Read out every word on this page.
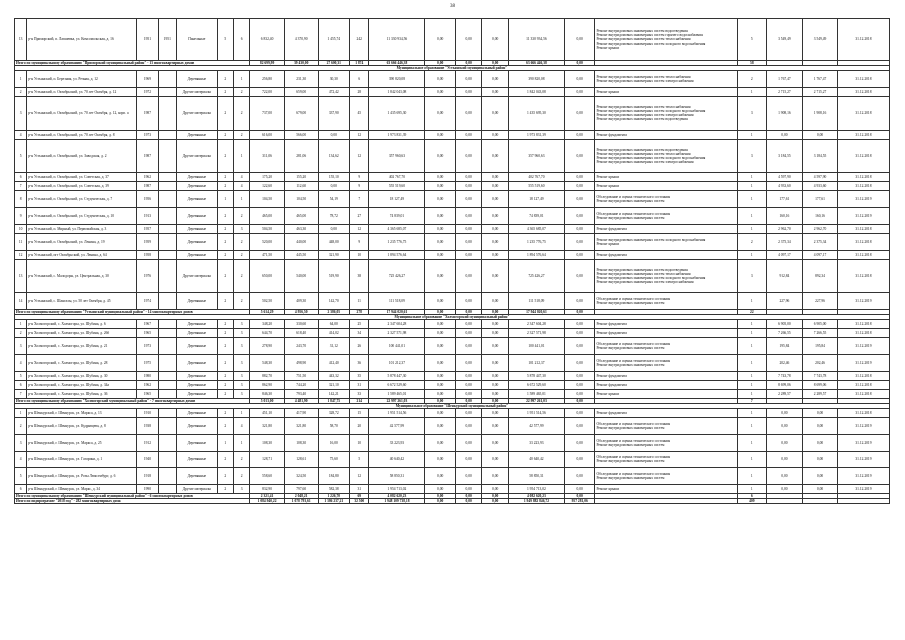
38
13	р-н Приморский, п. Лапшевка, ул. Комсомольская, д. 16	1951	1951	Панельные	5	6	6 832,40	4 370,90	1 455,74	242	11 330 934,56	0,00	0,00	0,00	11 330 934,56	0,00	Ремонт внутридомовых инженерных систем водоотведения
Ремонт внутридомовых инженерных систем горячего водоснабжения
Ремонт внутридомовых инженерных систем теплоснабжения
Ремонт внутридомовых инженерных систем холодного водоснабжения
Ремонт крыши	5	3 549,49	3 549,49	31.12.2018
Итого по муниципальному образованию "Приморский муниципальный район" - 13 многоквартирных домов							82 699,99	39 430,00	27 600,31	1 874	63 666 446,38	0,00	0,00	0,00	63 666 446,38	0,00		58			
Муниципальное образование "Устьянский муниципальный район"																					
1	р-н Устьянский, п. Березник, ул. Речная, д. 12	1969		Деревянные	2	1	256,80	231,30	30,30	6	390 820,08	0,00	0,00	0,00	390 820,08	0,00	Ремонт внутридомовых инженерных систем теплоснабжения
Ремонт внутридомовых инженерных систем электроснабжения	2	1 767,47	1 767,47	31.12.2018
2	р-н Устьянский, п. Октябрьский, ул. 70 лет Октября, д. 12	1972		Другие материалы	2	2	722,00	659,00	472,42	28	1 842 043,08	0,00	0,00	0,00	1 842 043,08	0,00	Ремонт крыши	1	2 715,27	2 715,27	31.12.2018
3	р-н Устьянский, п. Октябрьский, ул. 70 лет Октября, д. 12, корп. а	1987		Другие материалы	2	2	737,00	679,00	337,90	45	1 435 695,30	0,00	0,00	0,00	1 435 695,30	0,00	Ремонт внутридомовых инженерных систем теплоснабжения
Ремонт внутридомовых инженерных систем холодного водоснабжения
Ремонт внутридомовых инженерных систем электроснабжения
Ремонт внутридомовых инженерных систем водоотведения	3	1 908,16	1 908,16	31.12.2018
4	р-н Устьянский, п. Октябрьский, ул. 70 лет Октября, д. 8	1973		Деревянные	2	2	616,00	566,00	0,00	12	1 973 831,39	0,00	0,00	0,00	1 973 831,39	0,00	Ремонт фундамента	1	0,00	0,00	31.12.2018
5	р-н Устьянский, п. Октябрьский, ул. Заводская, д. 2	1987		Другие материалы	2	1	311,06	281,06	134,62	12	357 960,63	0,00	0,00	0,00	357 960,63	0,00	Ремонт внутридомовых инженерных систем водоотведения
Ремонт внутридомовых инженерных систем теплоснабжения
Ремонт внутридомовых инженерных систем холодного водоснабжения
Ремонт внутридомовых инженерных систем электроснабжения	3	3 184,55	3 184,55	31.12.2018
6	р-н Устьянский, п. Октябрьский, ул. Советская, д. 37	1962		Деревянные	2	4	175,20	155,20	155,10	9	402 767,70	0,00	0,00	0,00	402 767,70	0,00	Ремонт крыши	1	4 597,90	4 597,90	31.12.2018
7	р-н Устьянский, п. Октябрьский, ул. Советская, д. 39	1987		Деревянные	2	4	122,60	112,60	0,00	9	555 519,60	0,00	0,00	0,00	555 519,60	0,00	Ремонт крыши	1	4 933,60	4 933,60	31.12.2018
8	р-н Устьянский, п. Октябрьский, ул. Студенческая, д. 7	1956		Деревянные	1	1	104,50	104,50	54,19	7	18 127,49	0,00	0,00	0,00	18 127,49	0,00	Обследование и оценка технического состояния
Ремонт внутридомовых инженерных систем	1	177,61	177,61	31.12.2019
9	р-н Устьянский, п. Октябрьский, ул. Студенческая, д. 10	1913		Деревянные	2	2	465,00	465,00	78,72	27	74 839,01	0,00	0,00	0,00	74 839,01	0,00	Обследование и оценка технического состояния
Ремонт внутридомовых инженерных систем	1	160,16	160,16	31.12.2019
10	р-н Устьянский, п. Мирный, ул. Первомайская, д. 3	1957		Деревянные	2	3	504,50	463,30	0,00	12	4 365 685,07	0,00	0,00	0,00	4 365 685,07	0,00	Ремонт фундамента	1	2 962,70	2 962,70	31.12.2018
11	р-н Устьянский, п. Октябрьский, ул. Ленина, д. 19	1959		Деревянные	2	2	520,00	440,00	448,00	9	1 235 776,75	0,00	0,00	0,00	1 235 776,75	0,00	Ремонт внутридомовых инженерных систем холодного водоснабжения
Ремонт крыши	2	2 375,34	2 375,34	31.12.2018
12	р-н Устьянский, пгт Октябрьский, ул. Ленина, д. 64	1958		Деревянные	2	2	471,50	445,50	321,90	10	1 894 576,64	0,00	0,00	0,00	1 894 576,64	0,00	Ремонт фундамента	1	4 097,17	4 097,17	31.12.2018
13	р-н Устьянский, с. Малодоры, ул. Центральная, д. 30	1976		Другие материалы	2	2	650,00	540,00	519,90	38	725 426,27	0,00	0,00	0,00	725 426,27	0,00	Ремонт внутридомовых инженерных систем водоотведения
Ремонт внутридомовых инженерных систем теплоснабжения
Ремонт внутридомовых инженерных систем холодного водоснабжения
Ремонт внутридомовых инженерных систем электроснабжения	3	912,84	892,34	31.12.2018
14	р-н Устьянский, с. Шангалы, ул. 50 лет Октября, д. 45	1974		Деревянные	2	2	502,50	409,30	142,70	11	111 518,09	0,00	0,00	0,00	111 518,09	0,00	Обследование и оценка технического состояния
Ремонт внутридомовых инженерных систем	1	227,96	227,96	31.12.2019
Итого по муниципальному образованию "Устьянский муниципальный район" - 14 многоквартирных домов							5 614,29	4 956,50	2 386,05	278	17 944 020,61	0,00	0,00	0,00	17 944 020,61	0,00		22			
Муниципальное образование "Холмогорский муниципальный район"																					
1	р-н Холмогорский, с. Холмогоры, ул. Шубина, д. 6	1967		Деревянные	2	3	348,20	330,60	64,00	25	2 347 604,28	0,00	0,00	0,00	2 347 604,28	0,00	Ремонт фундамента	1	6 905,00	6 905,00	31.12.2018
2	р-н Холмогорский, с. Холмогоры, ул. Шубина, д. 26б	1965		Деревянные	2	3	644,70	618,40	414,02	34	2 327 571,98	0,00	0,00	0,00	2 327 571,98	0,00	Ремонт фундамента	1	7 266,55	7 266,55	31.12.2018
3	р-н Холмогорский, с. Холмогоры, ул. Шубина, д. 21	1973		Деревянные	2	3	278,90	243,70	31,12	26	100 441,01	0,00	0,00	0,00	100 441,01	0,00	Обследование и оценка технического состояния
Ремонт внутридомовых инженерных систем	1	195,84	195,84	31.12.2019
4	р-н Холмогорский, с. Холмогоры, ул. Шубина, д. 28	1975		Деревянные	2	3	548,30	498,90	412,40	36	101 212,37	0,00	0,00	0,00	101 212,37	0,00	Обследование и оценка технического состояния
Ремонт внутридомовых инженерных систем	1	202,46	202,46	31.12.2019
5	р-н Холмогорский, с. Холмогоры, ул. Шубина, д. 30	1980		Деревянные	2	3	882,70	751,50	443,32	35	5 878 447,30	0,00	0,00	0,00	5 878 447,30	0,00	Ремонт фундамента	1	7 743,78	7 743,78	31.12.2018
6	р-н Холмогорский, с. Холмогоры, ул. Шубина, д. 34а	1962		Деревянные	2	3	862,90	744,20	321,10	31	6 672 529,60	0,00	0,00	0,00	6 672 529,60	0,00	Ремонт фундамента	1	8 699,06	8 699,06	31.12.2018
7	р-н Холмогорский, с. Холмогоры, ул. Шубина, д. 36	1965		Деревянные	2	3	846,30	793,40	142,21	33	1 589 465,01	0,00	0,00	0,00	1 589 465,01	0,00	Ремонт крыши	1	2 289,57	2 289,57	31.12.2018
Итого по муниципальному образованию "Холмогорский муниципальный район" - 7 многоквартирных домов							5 013,00	4 481,90	1 847,75	214	22 997 261,03	0,00	0,00	0,00	22 997 261,03	0,00		7			
Муниципальное образование "Шенкурский муниципальный район"																					
1	р-н Шенкурский, г. Шенкурск, ул. Маркса, д. 13	1910		Деревянные	2	1	451,10	417,90	328,72	15	1 951 514,56	0,00	0,00	0,00	1 951 514,56	0,00	Ремонт фундамента	1	0,00	0,00	31.12.2018
2	р-н Шенкурский, г. Шенкурск, ул. Кудрявцева, д. 8	1938		Деревянные	2	4	321,80	321,80	58,70	20	42 577,99	0,00	0,00	0,00	42 577,99	0,00	Обследование и оценка технического состояния
Ремонт внутридомовых инженерных систем	1	0,00	0,00	31.12.2019
3	р-н Шенкурский, г. Шенкурск, ул. Маркса, д. 25	1912		Деревянные	1	1	108,30	108,30	16,00	10	33 223,93	0,00	0,00	0,00	33 223,93	0,00	Обследование и оценка технического состояния
Ремонт внутридомовых инженерных систем	1	0,00	0,00	31.12.2019
4	р-н Шенкурский, г. Шенкурск, ул. Гагарина, д. 1	1940		Деревянные	2	2	128,71	128,61	75,60	5	40 640,42	0,00	0,00	0,00	40 640,42	0,00	Обследование и оценка технического состояния
Ремонт внутридомовых инженерных систем	1	0,00	0,00	31.12.2019
5	р-н Шенкурский, г. Шенкурск, ул. Розы Люксембург, д. 6	1918		Деревянные	2	2	558,60	324,50	184,80	12	58 850,31	0,00	0,00	0,00	58 850,31	0,00	Обследование и оценка технического состояния
Ремонт внутридомовых инженерных систем	1	0,00	0,00	31.12.2019
6	р-н Шенкурский, г. Шенкурск, ул. Маркс, д. 34	1990		Другие материалы	2	3	832,90	797,60	582,38	31	1 954 713,02	0,00	0,00	0,00	1 954 713,02	0,00	Ремонт крыши	1	0,00	0,00	31.12.2019
Итого по муниципальному образованию "Шенкурский муниципальный район" - 6 многоквартирных домов							2 321,41	2 048,21	1 226,70	69	4 082 620,23	0,00	0,00	0,00	4 082 620,23	0,00		6			
Итого по подпрограмме "2018 год" - 282 многоквартирных дома							1 084 940,22	1 078 793,61	1 386 237,21	32 500	1 948 109 738,18	0,00	0,00	0,00	1 949 882 846,72	957 281,06		409			
